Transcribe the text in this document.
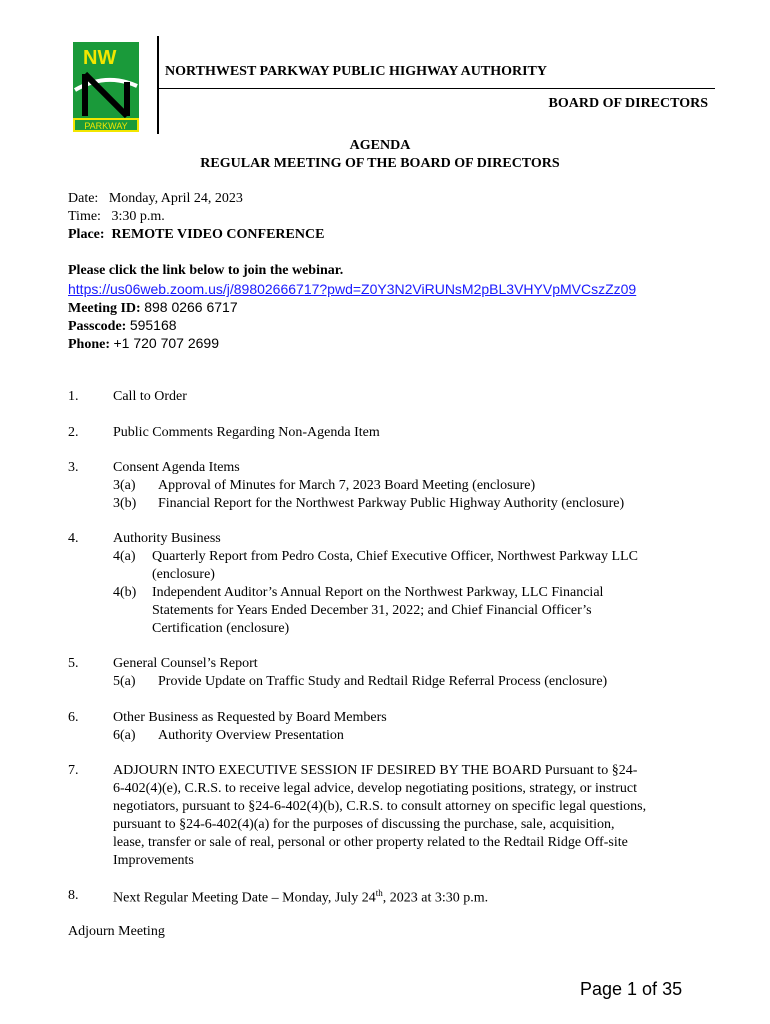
NW
PARKWAY
NORTHWEST PARKWAY PUBLIC HIGHWAY AUTHORITY
BOARD OF DIRECTORS
AGENDA
REGULAR MEETING OF THE BOARD OF DIRECTORS
Date: Monday, April 24, 2023
Time: 3:30 p.m.
Place: REMOTE VIDEO CONFERENCE
Please click the link below to join the webinar.
https://us06web.zoom.us/j/89802666717?pwd=Z0Y3N2ViRUNsM2pBL3VHYVpMVCszZz09
Meeting ID: 898 0266 6717
Passcode: 595168
Phone: +1 720 707 2699
1. Call to Order
2. Public Comments Regarding Non-Agenda Item
3. Consent Agenda Items
3(a) Approval of Minutes for March 7, 2023 Board Meeting (enclosure)
3(b) Financial Report for the Northwest Parkway Public Highway Authority (enclosure)
4. Authority Business
4(a) Quarterly Report from Pedro Costa, Chief Executive Officer, Northwest Parkway LLC
(enclosure)
4(b) Independent Auditor’s Annual Report on the Northwest Parkway, LLC Financial
Statements for Years Ended December 31, 2022; and Chief Financial Officer’s
Certification (enclosure)
5. General Counsel’s Report
5(a) Provide Update on Traffic Study and Redtail Ridge Referral Process (enclosure)
6. Other Business as Requested by Board Members
6(a) Authority Overview Presentation
7. ADJOURN INTO EXECUTIVE SESSION IF DESIRED BY THE BOARD Pursuant to §24-
6-402(4)(e), C.R.S. to receive legal advice, develop negotiating positions, strategy, or instruct
negotiators, pursuant to §24-6-402(4)(b), C.R.S. to consult attorney on specific legal questions,
pursuant to §24-6-402(4)(a) for the purposes of discussing the purchase, sale, acquisition,
lease, transfer or sale of real, personal or other property related to the Redtail Ridge Off-site
Improvements
8. Next Regular Meeting Date – Monday, July 24th, 2023 at 3:30 p.m.
Adjourn Meeting
Page 1 of 35
